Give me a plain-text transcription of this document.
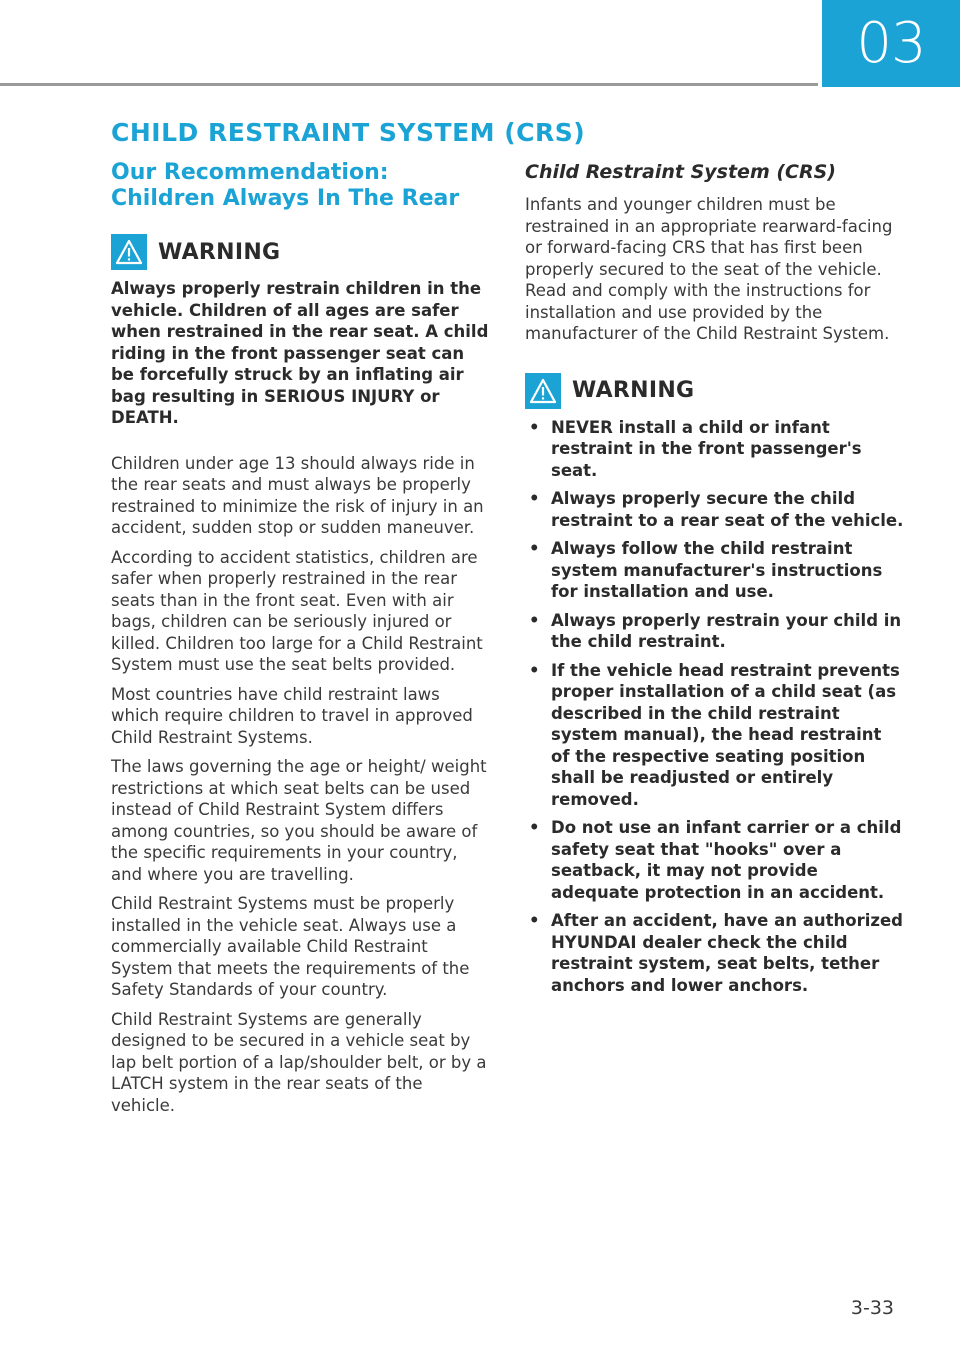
03
CHILD RESTRAINT SYSTEM (CRS)
Our Recommendation: Children Always In The Rear
WARNING

Always properly restrain children in the vehicle. Children of all ages are safer when restrained in the rear seat. A child riding in the front passenger seat can be forcefully struck by an inflating air bag resulting in SERIOUS INJURY or DEATH.

Children under age 13 should always ride in the rear seats and must always be properly restrained to minimize the risk of injury in an accident, sudden stop or sudden maneuver.

According to accident statistics, children are safer when properly restrained in the rear seats than in the front seat. Even with air bags, children can be seriously injured or killed. Children too large for a Child Restraint System must use the seat belts provided.

Most countries have child restraint laws which require children to travel in approved Child Restraint Systems.

The laws governing the age or height/ weight restrictions at which seat belts can be used instead of Child Restraint System differs among countries, so you should be aware of the specific requirements in your country, and where you are travelling.

Child Restraint Systems must be properly installed in the vehicle seat. Always use a commercially available Child Restraint System that meets the requirements of the Safety Standards of your country.

Child Restraint Systems are generally designed to be secured in a vehicle seat by lap belt portion of a lap/shoulder belt, or by a LATCH system in the rear seats of the vehicle.

Child Restraint System (CRS)

Infants and younger children must be restrained in an appropriate rearward-facing or forward-facing CRS that has first been properly secured to the seat of the vehicle. Read and comply with the instructions for installation and use provided by the manufacturer of the Child Restraint System.

WARNING
• NEVER install a child or infant restraint in the front passenger's seat.
• Always properly secure the child restraint to a rear seat of the vehicle.
• Always follow the child restraint system manufacturer's instructions for installation and use.
• Always properly restrain your child in the child restraint.
• If the vehicle head restraint prevents proper installation of a child seat (as described in the child restraint system manual), the head restraint of the respective seating position shall be readjusted or entirely removed.
• Do not use an infant carrier or a child safety seat that "hooks" over a seatback, it may not provide adequate protection in an accident.
• After an accident, have an authorized HYUNDAI dealer check the child restraint system, seat belts, tether anchors and lower anchors.
3-33
